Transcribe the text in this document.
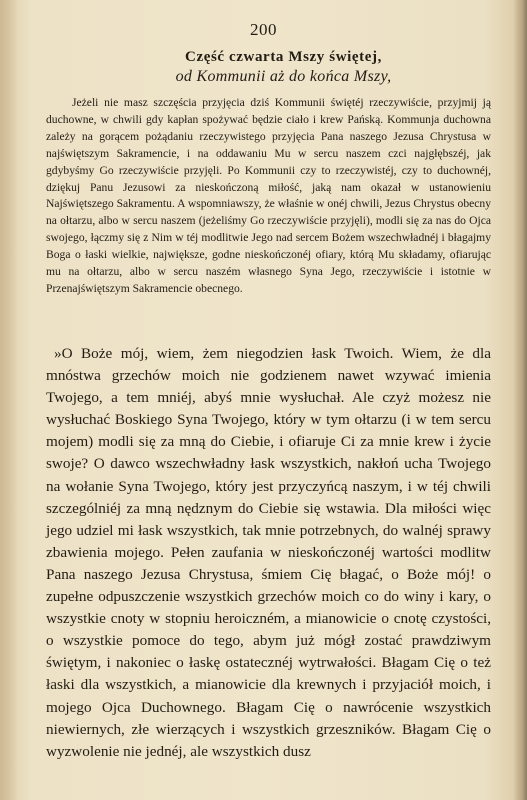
200
Część czwarta Mszy świętej,
od Kommunii aż do końca Mszy,

Jeżeli nie masz szczęścia przyjęcia dziś Kommunii świętéj rzeczywiście, przyjmij ją duchowne, w chwili gdy kapłan spożywać będzie ciało i krew Pańską. Kommunja duchowna zależy na gorącem pożądaniu rzeczywistego przyjęcia Pana naszego Jezusa Chrystusa w najświętszym Sakramencie, i na oddawaniu Mu w sercu naszem czci najgłębszéj, jak gdybyśmy Go rzeczywiście przyjęli. Po Kommunii czy to rzeczywistéj, czy to duchownéj, dziękuj Panu Jezusowi za nieskończoną miłość, jaką nam okazał w ustanowieniu Najświętszego Sakramentu. A wspomniawszy, że właśnie w onéj chwili, Jezus Chrystus obecny na ołtarzu, albo w sercu naszem (jeżeliśmy Go rzeczywiście przyjęli), modli się za nas do Ojca swojego, łączmy się z Nim w téj modlitwie Jego nad sercem Bożem wszechwładnéj i błagajmy Boga o łaski wielkie, największe, godne nieskończonéj ofiary, którą Mu składamy, ofiarując mu na ołtarzu, albo w sercu naszém własnego Syna Jego, rzeczywiście i istotnie w Przenajświętszym Sakramencie obecnego.

»O Boże mój, wiem, żem niegodzien łask Twoich. Wiem, że dla mnóstwa grzechów moich nie godzienem nawet wzywać imienia Twojego, a tem mniéj, abyś mnie wysłuchał. Ale czyż możesz nie wysłuchać Boskiego Syna Twojego, który w tym ołtarzu (i w tem sercu mojem) modli się za mną do Ciebie, i ofiaruje Ci za mnie krew i życie swoje? O dawco wszechwładny łask wszystkich, nakłoń ucha Twojego na wołanie Syna Twojego, który jest przyczyńcą naszym, i w téj chwili szczególniéj za mną nędznym do Ciebie się wstawia. Dla miłości więc jego udziel mi łask wszystkich, tak mnie potrzebnych, do walnéj sprawy zbawienia mojego. Pełen zaufania w nieskończonéj wartości modlitw Pana naszego Jezusa Chrystusa, śmiem Cię błagać, o Boże mój! o zupełne odpuszczenie wszystkich grzechów moich co do winy i kary, o wszystkie cnoty w stopniu heroiczném, a mianowicie o cnotę czystości, o wszystkie pomoce do tego, abym już mógł zostać prawdziwym świętym, i nakoniec o łaskę ostatecznéj wytrwałości. Błagam Cię o też łaski dla wszystkich, a mianowicie dla krewnych i przyjaciół moich, i mojego Ojca Duchownego. Błagam Cię o nawrócenie wszystkich niewiernych, złe wierzących i wszystkich grzeszników. Błagam Cię o wyzwolenie nie jednéj, ale wszystkich dusz
